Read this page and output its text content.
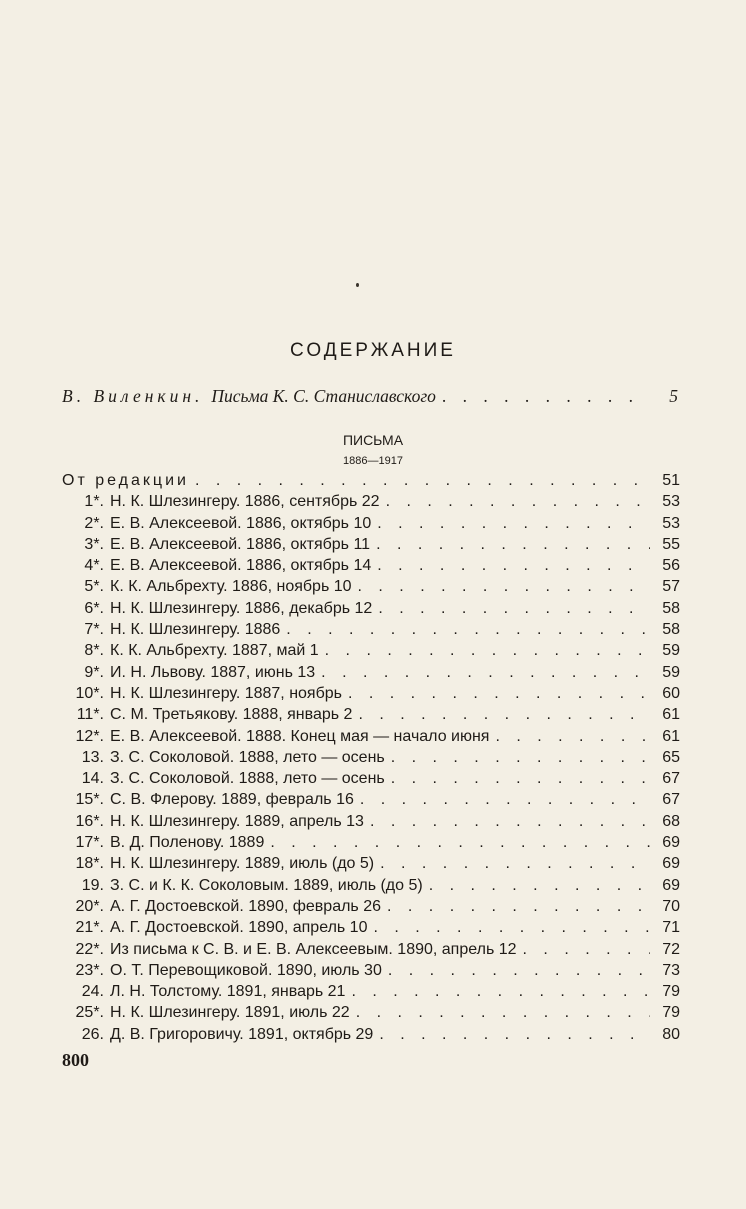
СОДЕРЖАНИЕ
В. Виленкин. Письма К. С. Станиславского . . .	5
ПИСЬМА
1886—1917
От редакции . . .	51
1*. Н. К. Шлезингеру. 1886, сентябрь 22 . . .	53
2*. Е. В. Алексеевой. 1886, октябрь 10 . . .	53
3*. Е. В. Алексеевой. 1886, октябрь 11 . . .	55
4*. Е. В. Алексеевой. 1886, октябрь 14 . . .	56
5*. К. К. Альбрехту. 1886, ноябрь 10 . . .	57
6*. Н. К. Шлезингеру. 1886, декабрь 12 . . .	58
7*. Н. К. Шлезингеру. 1886 . . .	58
8*. К. К. Альбрехту. 1887, май 1 . . .	59
9*. И. Н. Львову. 1887, июнь 13 . . .	59
10*. Н. К. Шлезингеру. 1887, ноябрь . . .	60
11*. С. М. Третьякову. 1888, январь 2 . . .	61
12*. Е. В. Алексеевой. 1888. Конец мая — начало июня . . .	61
13. З. С. Соколовой. 1888, лето — осень . . .	65
14. З. С. Соколовой. 1888, лето — осень . . .	67
15*. С. В. Флерову. 1889, февраль 16 . . .	67
16*. Н. К. Шлезингеру. 1889, апрель 13 . . .	68
17*. В. Д. Поленову. 1889 . . .	69
18*. Н. К. Шлезингеру. 1889, июль (до 5) . . .	69
19. З. С. и К. К. Соколовым. 1889, июль (до 5) . . .	69
20*. А. Г. Достоевской. 1890, февраль 26 . . .	70
21*. А. Г. Достоевской. 1890, апрель 10 . . .	71
22*. Из письма к С. В. и Е. В. Алексеевым. 1890, апрель 12 . . .	72
23*. О. Т. Перевощиковой. 1890, июль 30 . . .	73
24. Л. Н. Толстому. 1891, январь 21 . . .	79
25*. Н. К. Шлезингеру. 1891, июль 22 . . .	79
26. Д. В. Григоровичу. 1891, октябрь 29 . . .	80
800
